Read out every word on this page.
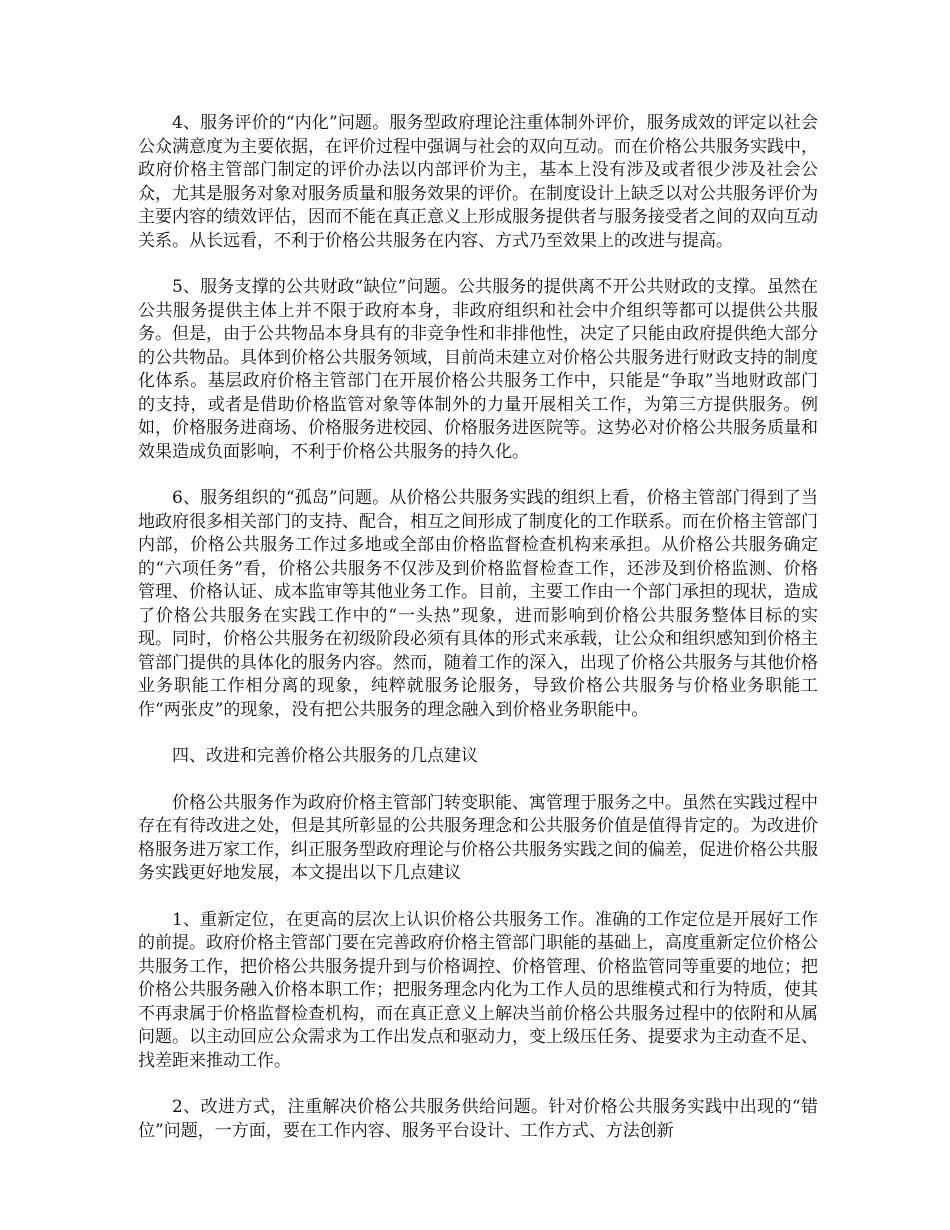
4、服务评价的“内化”问题。服务型政府理论注重体制外评价，服务成效的评定以社会公众满意度为主要依据，在评价过程中强调与社会的双向互动。而在价格公共服务实践中，政府价格主管部门制定的评价办法以内部评价为主，基本上没有涉及或者很少涉及社会公众，尤其是服务对象对服务质量和服务效果的评价。在制度设计上缺乏以对公共服务评价为主要内容的绩效评估，因而不能在真正意义上形成服务提供者与服务接受者之间的双向互动关系。从长远看，不利于价格公共服务在内容、方式乃至效果上的改进与提高。

5、服务支撑的公共财政“缺位”问题。公共服务的提供离不开公共财政的支撑。虽然在公共服务提供主体上并不限于政府本身，非政府组织和社会中介组织等都可以提供公共服务。但是，由于公共物品本身具有的非竞争性和非排他性，决定了只能由政府提供绝大部分的公共物品。具体到价格公共服务领域，目前尚未建立对价格公共服务进行财政支持的制度化体系。基层政府价格主管部门在开展价格公共服务工作中，只能是“争取”当地财政部门的支持，或者是借助价格监管对象等体制外的力量开展相关工作，为第三方提供服务。例如，价格服务进商场、价格服务进校园、价格服务进医院等。这势必对价格公共服务质量和效果造成负面影响，不利于价格公共服务的持久化。

6、服务组织的“孤岛”问题。从价格公共服务实践的组织上看，价格主管部门得到了当地政府很多相关部门的支持、配合，相互之间形成了制度化的工作联系。而在价格主管部门内部，价格公共服务工作过多地或全部由价格监督检查机构来承担。从价格公共服务确定的“六项任务”看，价格公共服务不仅涉及到价格监督检查工作，还涉及到价格监测、价格管理、价格认证、成本监审等其他业务工作。目前，主要工作由一个部门承担的现状，造成了价格公共服务在实践工作中的“一头热”现象，进而影响到价格公共服务整体目标的实现。同时，价格公共服务在初级阶段必须有具体的形式来承载，让公众和组织感知到价格主管部门提供的具体化的服务内容。然而，随着工作的深入，出现了价格公共服务与其他价格业务职能工作相分离的现象，纯粹就服务论服务，导致价格公共服务与价格业务职能工作“两张皮”的现象，没有把公共服务的理念融入到价格业务职能中。

四、改进和完善价格公共服务的几点建议

价格公共服务作为政府价格主管部门转变职能、寓管理于服务之中。虽然在实践过程中存在有待改进之处，但是其所彰显的公共服务理念和公共服务价值是值得肯定的。为改进价格服务进万家工作，纠正服务型政府理论与价格公共服务实践之间的偏差，促进价格公共服务实践更好地发展，本文提出以下几点建议

1、重新定位，在更高的层次上认识价格公共服务工作。准确的工作定位是开展好工作的前提。政府价格主管部门要在完善政府价格主管部门职能的基础上，高度重新定位价格公共服务工作，把价格公共服务提升到与价格调控、价格管理、价格监管同等重要的地位；把价格公共服务融入价格本职工作；把服务理念内化为工作人员的思维模式和行为特质，使其不再隶属于价格监督检查机构，而在真正意义上解决当前价格公共服务过程中的依附和从属问题。以主动回应公众需求为工作出发点和驱动力，变上级压任务、提要求为主动查不足、找差距来推动工作。

2、改进方式，注重解决价格公共服务供给问题。针对价格公共服务实践中出现的“错位”问题，一方面，要在工作内容、服务平台设计、工作方式、方法创新
